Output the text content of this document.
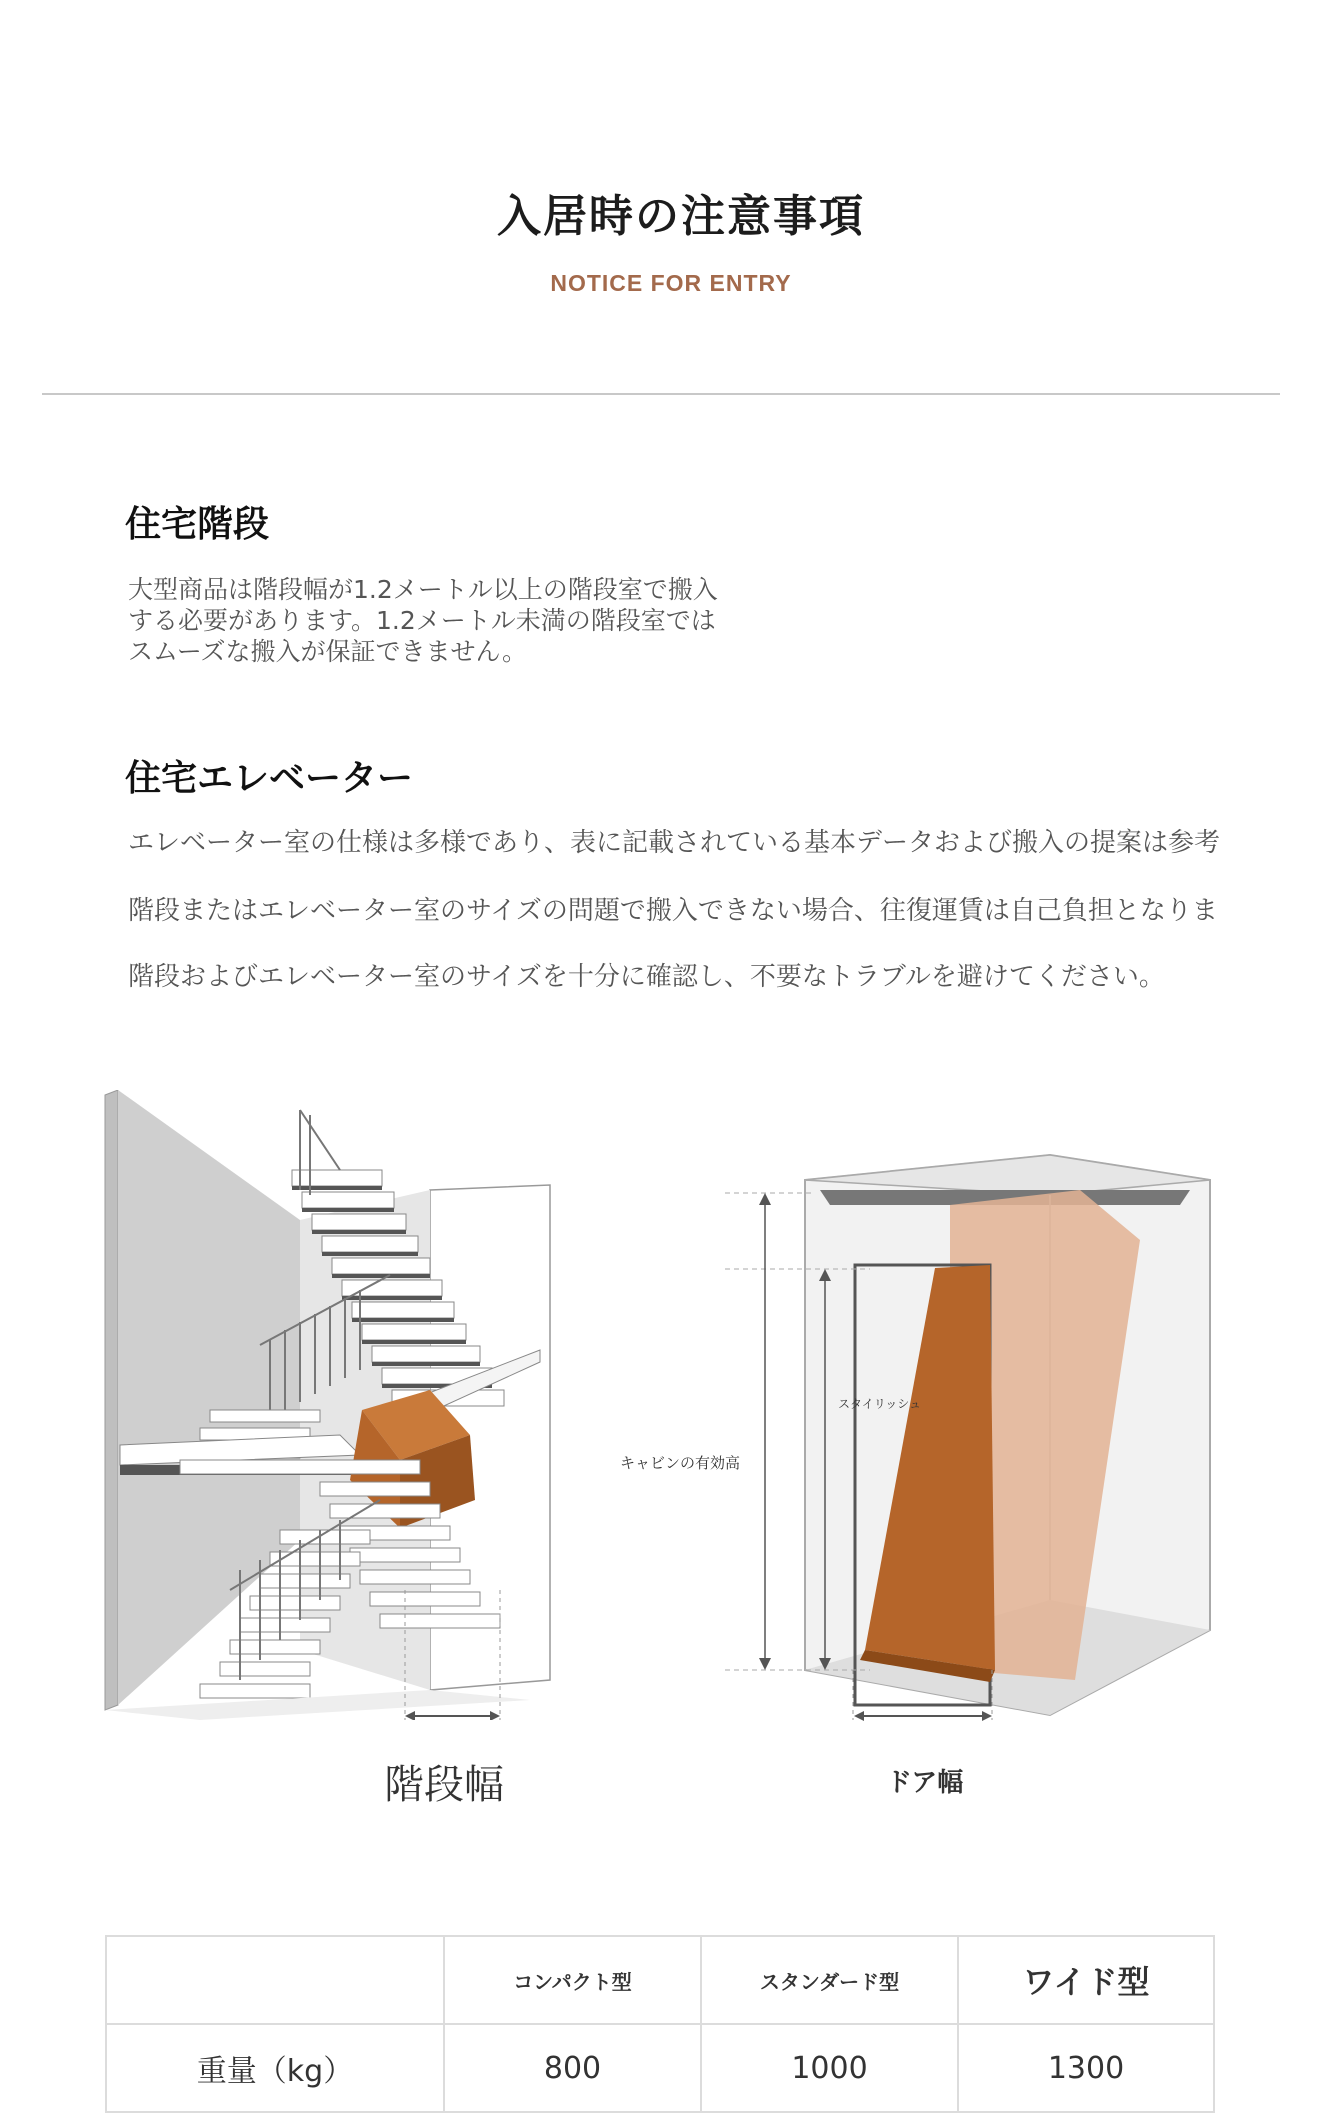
入居時の注意事項
NOTICE FOR ENTRY
住宅階段
大型商品は階段幅が1.2メートル以上の階段室で搬入
する必要があります。1.2メートル未満の階段室では
スムーズな搬入が保証できません。
住宅エレベーター
エレベーター室の仕様は多様であり、表に記載されている基本データおよび搬入の提案は参考
階段またはエレベーター室のサイズの問題で搬入できない場合、往復運賃は自己負担となりま
階段およびエレベーター室のサイズを十分に確認し、不要なトラブルを避けてください。
階段幅
キャビンの有効高
スタイリッシュ
ドア幅
	コンパクト型	スタンダード型	ワイド型
重量（kg）	800	1000	1300
